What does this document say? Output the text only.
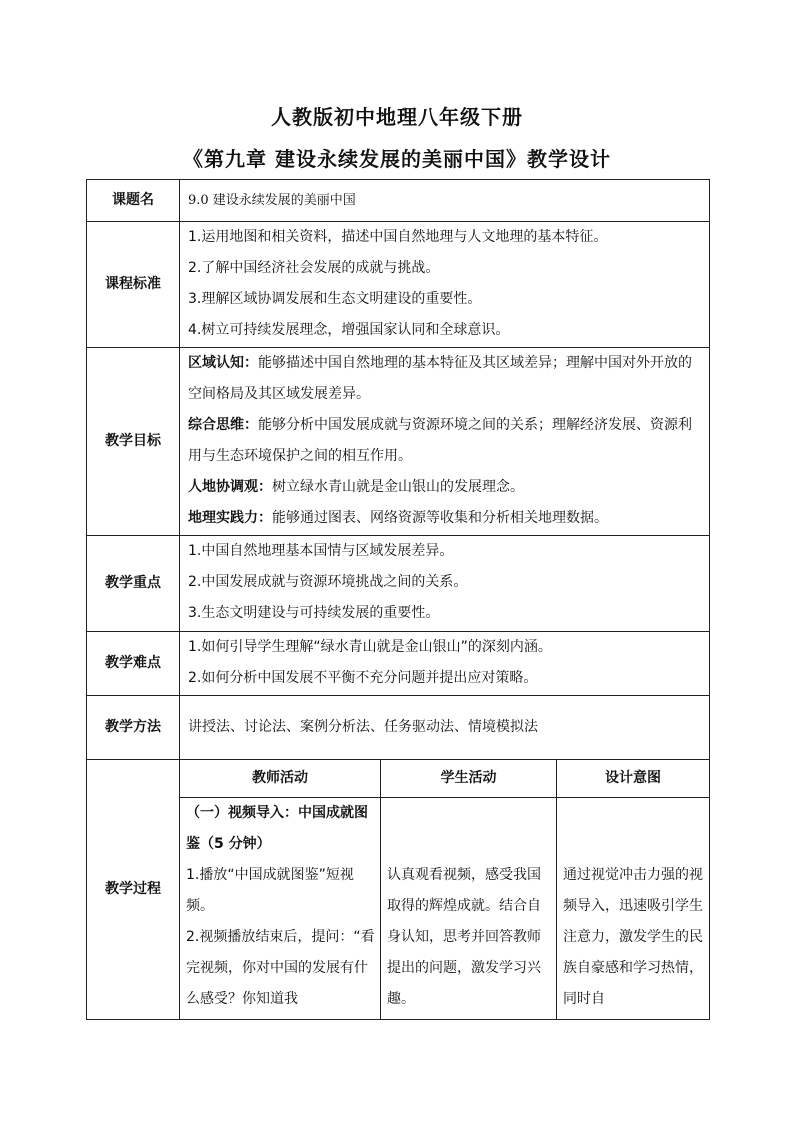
人教版初中地理八年级下册
《第九章 建设永续发展的美丽中国》教学设计
课题名	9.0 建设永续发展的美丽中国		
课程标准	1.运用地图和相关资料，描述中国自然地理与人文地理的基本特征。
2.了解中国经济社会发展的成就与挑战。
3.理解区域协调发展和生态文明建设的重要性。
4.树立可持续发展理念，增强国家认同和全球意识。		

教学目标	区域认知：能够描述中国自然地理的基本特征及其区域差异；理解中国对外开放的空间格局及其区域发展差异。
综合思维：能够分析中国发展成就与资源环境之间的关系；理解经济发展、资源利用与生态环境保护之间的相互作用。
人地协调观：树立绿水青山就是金山银山的发展理念。
地理实践力：能够通过图表、网络资源等收集和分析相关地理数据。		

教学重点	1.中国自然地理基本国情与区域发展差异。
2.中国发展成就与资源环境挑战之间的关系。
3.生态文明建设与可持续发展的重要性。		

教学难点	1.如何引导学生理解“绿水青山就是金山银山”的深刻内涵。
2.如何分析中国发展不平衡不充分问题并提出应对策略。		

教学方法	讲授法、讨论法、案例分析法、任务驱动法、情境模拟法		
教学过程	教师活动	学生活动	设计意图

	（一）视频导入：中国成就图鉴（5 分钟）
1.播放“中国成就图鉴”短视频。
2.视频播放结束后，提问：“看完视频，你对中国的发展有什么感受？你知道我	认真观看视频，感受我国取得的辉煌成就。结合自身认知，思考并回答教师提出的问题，激发学习兴趣。	通过视觉冲击力强的视频导入，迅速吸引学生注意力，激发学生的民族自豪感和学习热情，同时自
